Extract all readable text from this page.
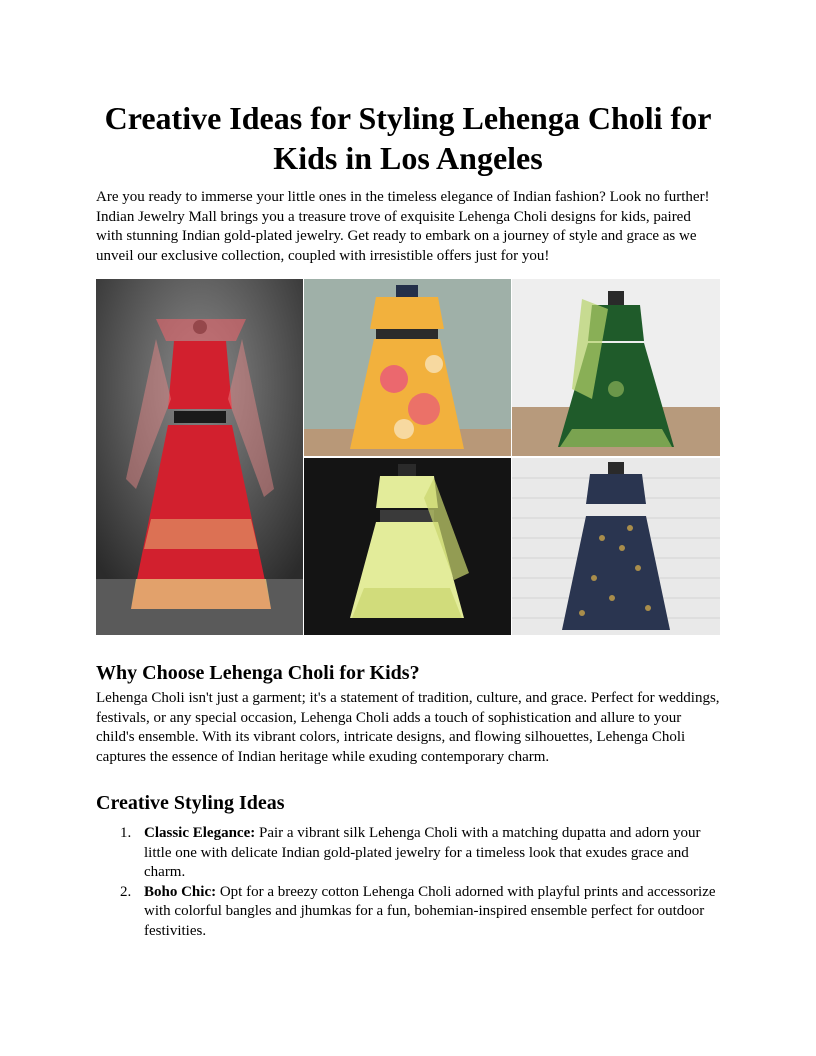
Creative Ideas for Styling Lehenga Choli for Kids in Los Angeles

Are you ready to immerse your little ones in the timeless elegance of Indian fashion? Look no further! Indian Jewelry Mall brings you a treasure trove of exquisite Lehenga Choli designs for kids, paired with stunning Indian gold-plated jewelry. Get ready to embark on a journey of style and grace as we unveil our exclusive collection, coupled with irresistible offers just for you!

Why Choose Lehenga Choli for Kids?

Lehenga Choli isn't just a garment; it's a statement of tradition, culture, and grace. Perfect for weddings, festivals, or any special occasion, Lehenga Choli adds a touch of sophistication and allure to your child's ensemble. With its vibrant colors, intricate designs, and flowing silhouettes, Lehenga Choli captures the essence of Indian heritage while exuding contemporary charm.

Creative Styling Ideas
1. Classic Elegance: Pair a vibrant silk Lehenga Choli with a matching dupatta and adorn your little one with delicate Indian gold-plated jewelry for a timeless look that exudes grace and charm.
2. Boho Chic: Opt for a breezy cotton Lehenga Choli adorned with playful prints and accessorize with colorful bangles and jhumkas for a fun, bohemian-inspired ensemble perfect for outdoor festivities.
